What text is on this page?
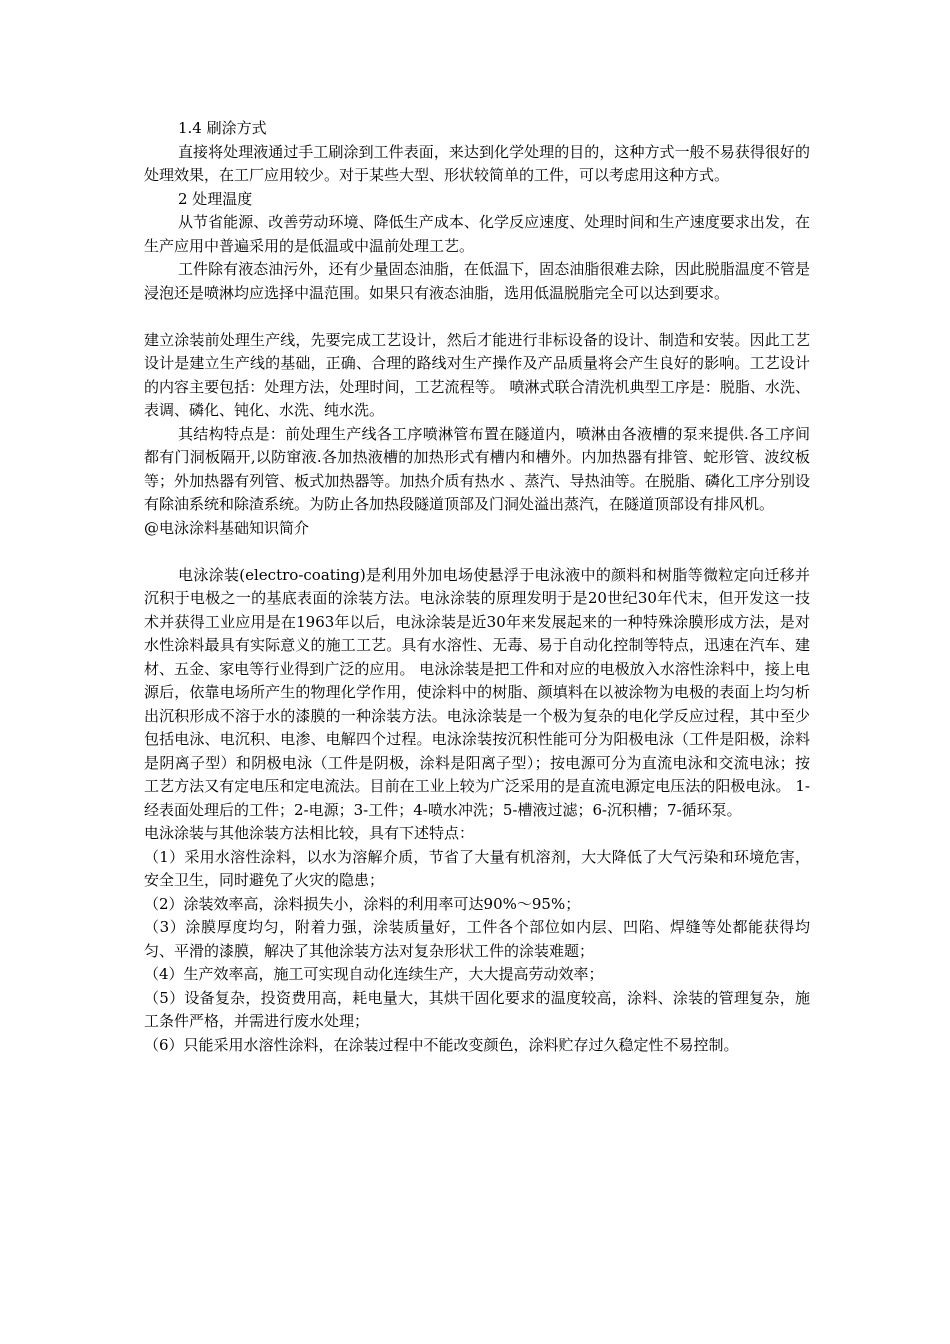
1.4 刷涂方式

直接将处理液通过手工刷涂到工件表面，来达到化学处理的目的，这种方式一般不易获得很好的处理效果，在工厂应用较少。对于某些大型、形状较简单的工件，可以考虑用这种方式。

2 处理温度

从节省能源、改善劳动环境、降低生产成本、化学反应速度、处理时间和生产速度要求出发，在生产应用中普遍采用的是低温或中温前处理工艺。

工件除有液态油污外，还有少量固态油脂，在低温下，固态油脂很难去除，因此脱脂温度不管是浸泡还是喷淋均应选择中温范围。如果只有液态油脂，选用低温脱脂完全可以达到要求。

建立涂装前处理生产线，先要完成工艺设计，然后才能进行非标设备的设计、制造和安装。因此工艺设计是建立生产线的基础，正确、合理的路线对生产操作及产品质量将会产生良好的影响。工艺设计的内容主要包括：处理方法，处理时间，工艺流程等。 喷淋式联合清洗机典型工序是：脱脂、水洗、表调、磷化、钝化、水洗、纯水洗。

其结构特点是：前处理生产线各工序喷淋管布置在隧道内，喷淋由各液槽的泵来提供.各工序间都有门洞板隔开,以防窜液.各加热液槽的加热形式有槽内和槽外。内加热器有排管、蛇形管、波纹板等；外加热器有列管、板式加热器等。加热介质有热水 、蒸汽、导热油等。在脱脂、磷化工序分别设有除油系统和除渣系统。为防止各加热段隧道顶部及门洞处溢出蒸汽，在隧道顶部设有排风机。

@电泳涂料基础知识简介

电泳涂装(electro-coating)是利用外加电场使悬浮于电泳液中的颜料和树脂等微粒定向迁移并沉积于电极之一的基底表面的涂装方法。电泳涂装的原理发明于是20世纪30年代末，但开发这一技术并获得工业应用是在1963年以后，电泳涂装是近30年来发展起来的一种特殊涂膜形成方法，是对水性涂料最具有实际意义的施工工艺。具有水溶性、无毒、易于自动化控制等特点，迅速在汽车、建材、五金、家电等行业得到广泛的应用。 电泳涂装是把工件和对应的电极放入水溶性涂料中，接上电源后，依靠电场所产生的物理化学作用，使涂料中的树脂、颜填料在以被涂物为电极的表面上均匀析出沉积形成不溶于水的漆膜的一种涂装方法。电泳涂装是一个极为复杂的电化学反应过程，其中至少包括电泳、电沉积、电渗、电解四个过程。电泳涂装按沉积性能可分为阳极电泳（工件是阳极，涂料是阴离子型）和阴极电泳（工件是阴极，涂料是阳离子型）；按电源可分为直流电泳和交流电泳；按工艺方法又有定电压和定电流法。目前在工业上较为广泛采用的是直流电源定电压法的阳极电泳。 1-经表面处理后的工件；2-电源；3-工件；4-喷水冲洗；5-槽液过滤；6-沉积槽；7-循环泵。

电泳涂装与其他涂装方法相比较，具有下述特点：

（1）采用水溶性涂料，以水为溶解介质，节省了大量有机溶剂，大大降低了大气污染和环境危害，安全卫生，同时避免了火灾的隐患；

（2）涂装效率高，涂料损失小，涂料的利用率可达90%～95%；

（3）涂膜厚度均匀，附着力强，涂装质量好，工件各个部位如内层、凹陷、焊缝等处都能获得均匀、平滑的漆膜，解决了其他涂装方法对复杂形状工件的涂装难题；

（4）生产效率高，施工可实现自动化连续生产，大大提高劳动效率；

（5）设备复杂，投资费用高，耗电量大，其烘干固化要求的温度较高，涂料、涂装的管理复杂，施工条件严格，并需进行废水处理；

（6）只能采用水溶性涂料，在涂装过程中不能改变颜色，涂料贮存过久稳定性不易控制。
